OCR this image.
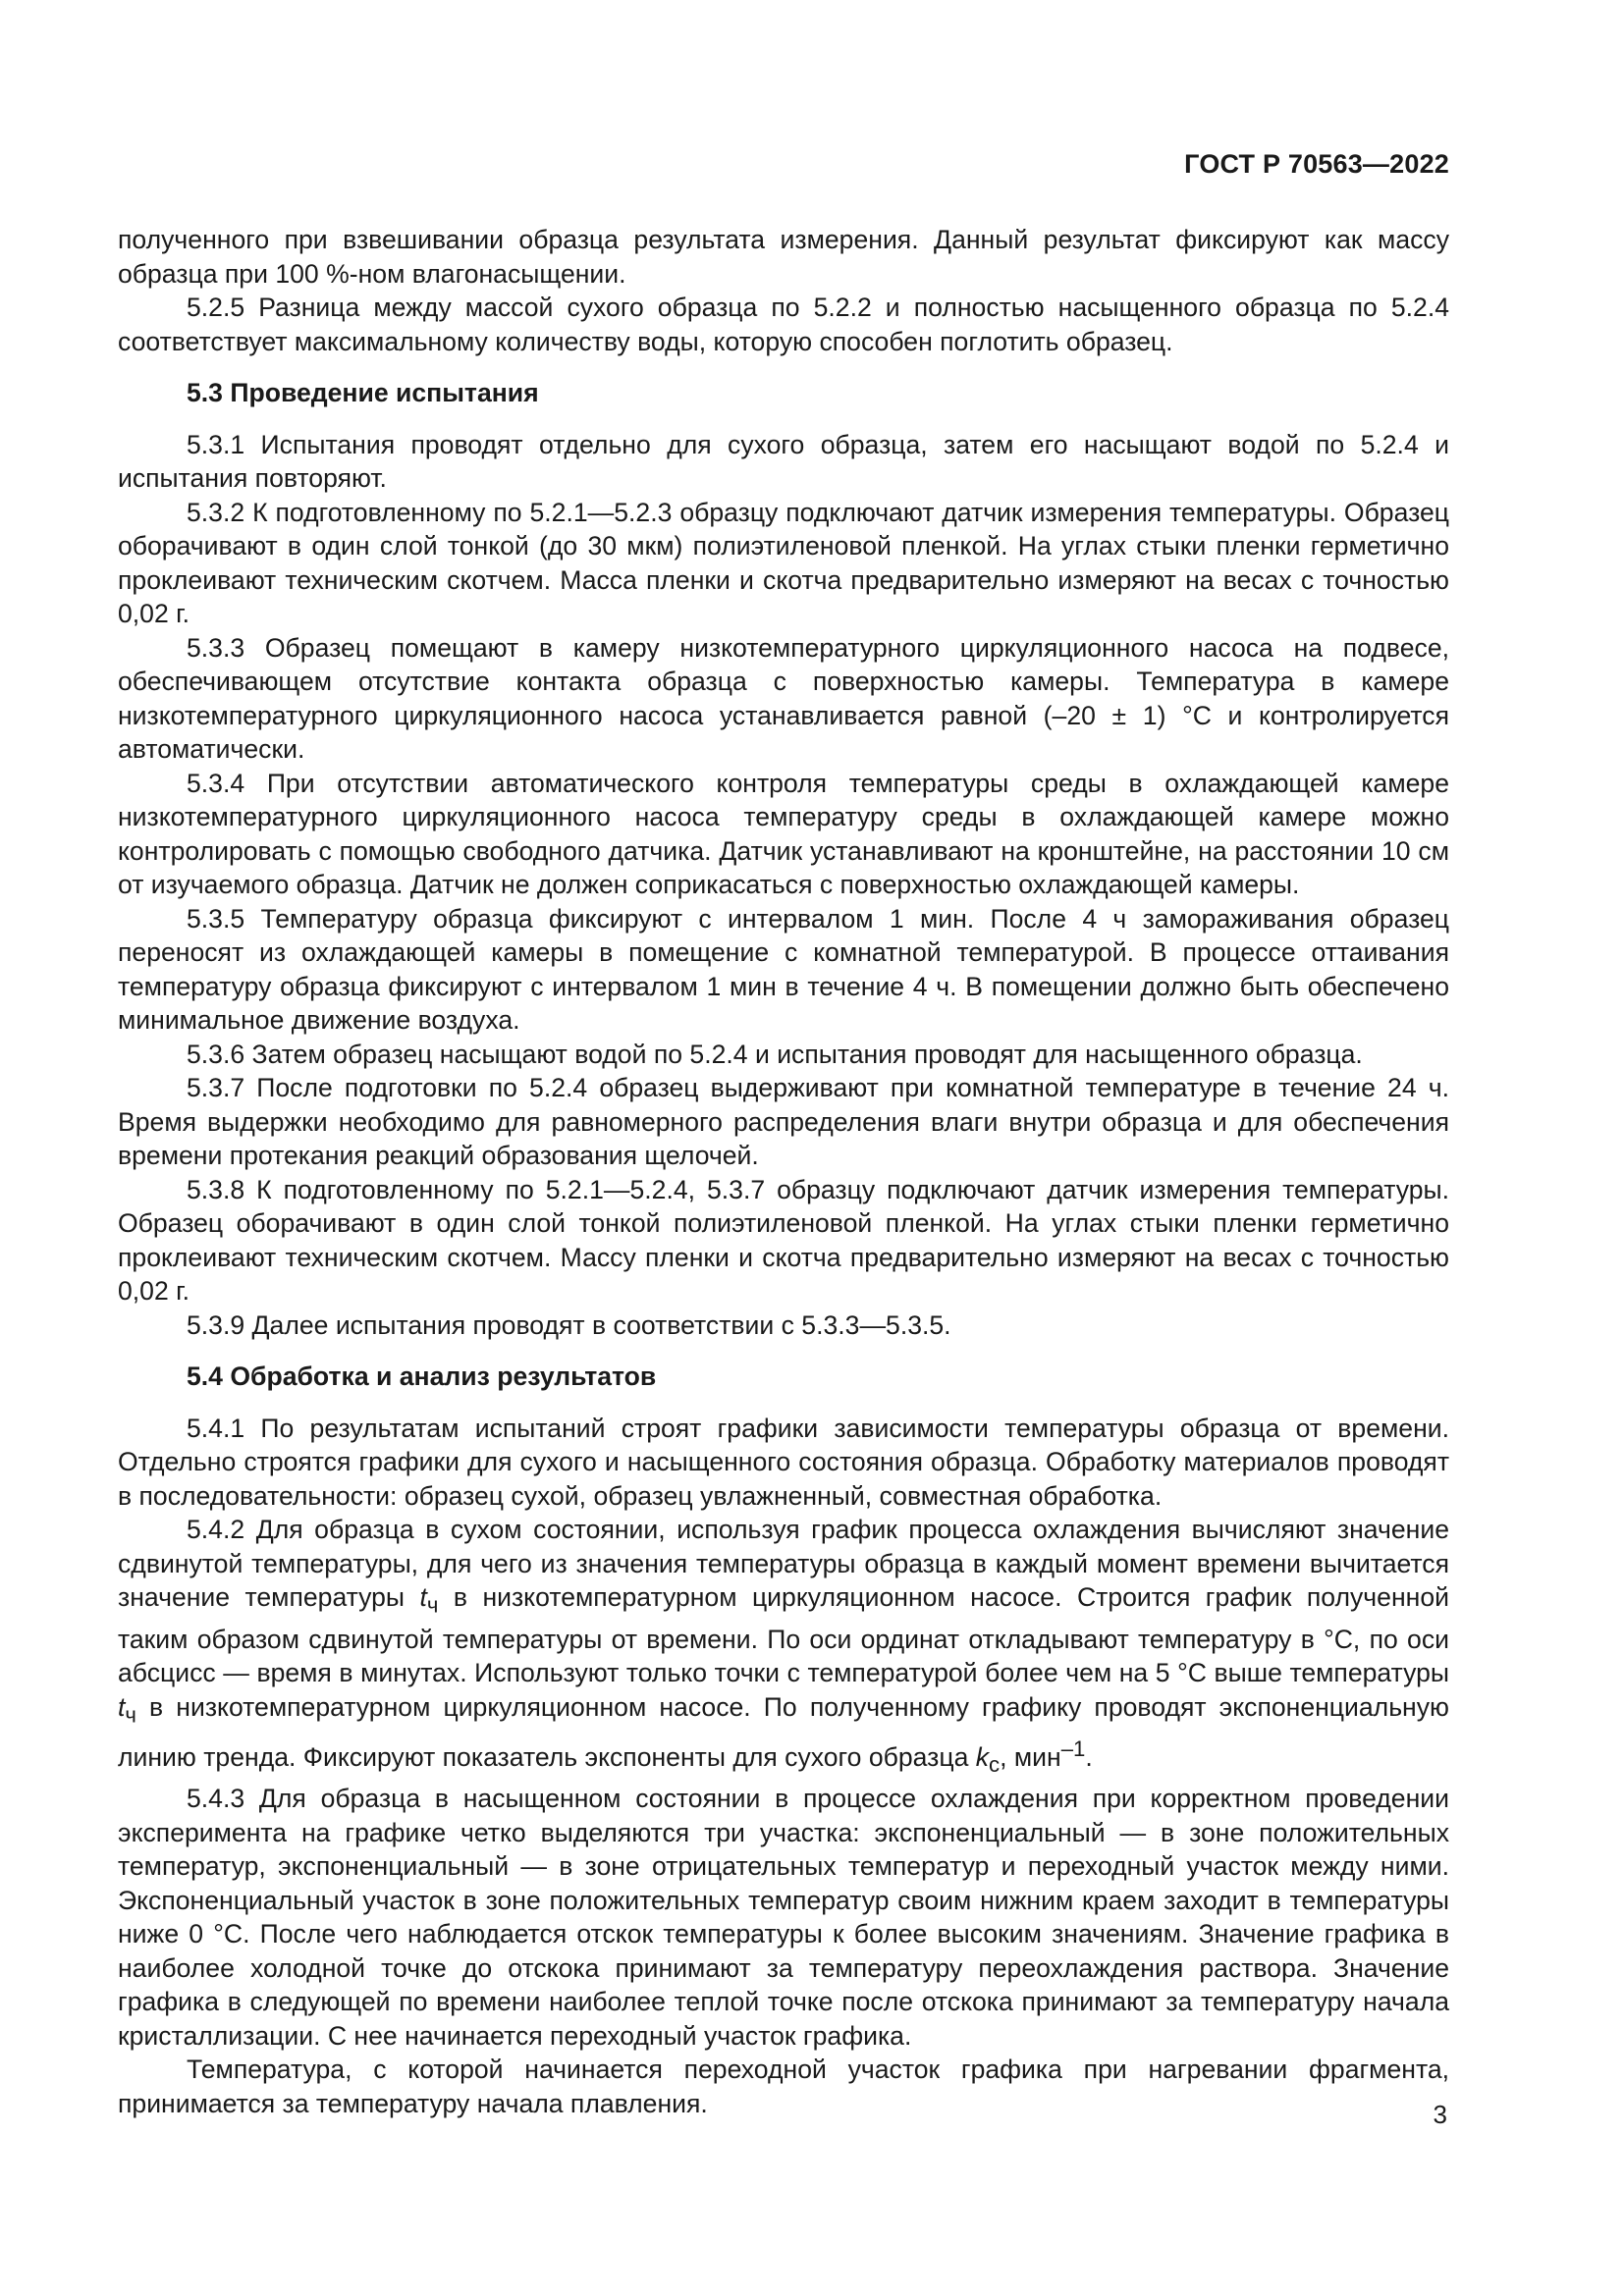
ГОСТ Р 70563—2022

полученного при взвешивании образца результата измерения. Данный результат фиксируют как массу образца при 100 %-ном влагонасыщении.

5.2.5 Разница между массой сухого образца по 5.2.2 и полностью насыщенного образца по 5.2.4 соответствует максимальному количеству воды, которую способен поглотить образец.

5.3 Проведение испытания

5.3.1 Испытания проводят отдельно для сухого образца, затем его насыщают водой по 5.2.4 и испытания повторяют.

5.3.2 К подготовленному по 5.2.1—5.2.3 образцу подключают датчик измерения температуры. Образец оборачивают в один слой тонкой (до 30 мкм) полиэтиленовой пленкой. На углах стыки пленки герметично проклеивают техническим скотчем. Масса пленки и скотча предварительно измеряют на весах с точностью 0,02 г.

5.3.3 Образец помещают в камеру низкотемпературного циркуляционного насоса на подвесе, обеспечивающем отсутствие контакта образца с поверхностью камеры. Температура в камере низкотемпературного циркуляционного насоса устанавливается равной (–20 ± 1) °С и контролируется автоматически.

5.3.4 При отсутствии автоматического контроля температуры среды в охлаждающей камере низкотемпературного циркуляционного насоса температуру среды в охлаждающей камере можно контролировать с помощью свободного датчика. Датчик устанавливают на кронштейне, на расстоянии 10 см от изучаемого образца. Датчик не должен соприкасаться с поверхностью охлаждающей камеры.

5.3.5 Температуру образца фиксируют с интервалом 1 мин. После 4 ч замораживания образец переносят из охлаждающей камеры в помещение с комнатной температурой. В процессе оттаивания температуру образца фиксируют с интервалом 1 мин в течение 4 ч. В помещении должно быть обеспечено минимальное движение воздуха.

5.3.6 Затем образец насыщают водой по 5.2.4 и испытания проводят для насыщенного образца.

5.3.7 После подготовки по 5.2.4 образец выдерживают при комнатной температуре в течение 24 ч. Время выдержки необходимо для равномерного распределения влаги внутри образца и для обеспечения времени протекания реакций образования щелочей.

5.3.8 К подготовленному по 5.2.1—5.2.4, 5.3.7 образцу подключают датчик измерения температуры. Образец оборачивают в один слой тонкой полиэтиленовой пленкой. На углах стыки пленки герметично проклеивают техническим скотчем. Массу пленки и скотча предварительно измеряют на весах с точностью 0,02 г.

5.3.9 Далее испытания проводят в соответствии с 5.3.3—5.3.5.

5.4 Обработка и анализ результатов

5.4.1 По результатам испытаний строят графики зависимости температуры образца от времени. Отдельно строятся графики для сухого и насыщенного состояния образца. Обработку материалов проводят в последовательности: образец сухой, образец увлажненный, совместная обработка.

5.4.2 Для образца в сухом состоянии, используя график процесса охлаждения вычисляют значение сдвинутой температуры, для чего из значения температуры образца в каждый момент времени вычитается значение температуры $t_ч$ в низкотемпературном циркуляционном насосе. Строится график полученной таким образом сдвинутой температуры от времени. По оси ординат откладывают температуру в °С, по оси абсцисс — время в минутах. Используют только точки с температурой более чем на 5 °С выше температуры $t_ч$ в низкотемпературном циркуляционном насосе. По полученному графику проводят экспоненциальную линию тренда. Фиксируют показатель экспоненты для сухого образца $k_с$, мин$^{-1}$.

5.4.3 Для образца в насыщенном состоянии в процессе охлаждения при корректном проведении эксперимента на графике четко выделяются три участка: экспоненциальный — в зоне положительных температур, экспоненциальный — в зоне отрицательных температур и переходный участок между ними. Экспоненциальный участок в зоне положительных температур своим нижним краем заходит в температуры ниже 0 °С. После чего наблюдается отскок температуры к более высоким значениям. Значение графика в наиболее холодной точке до отскока принимают за температуру переохлаждения раствора. Значение графика в следующей по времени наиболее теплой точке после отскока принимают за температуру начала кристаллизации. С нее начинается переходный участок графика.

Температура, с которой начинается переходной участок графика при нагревании фрагмента, принимается за температуру начала плавления.	3
